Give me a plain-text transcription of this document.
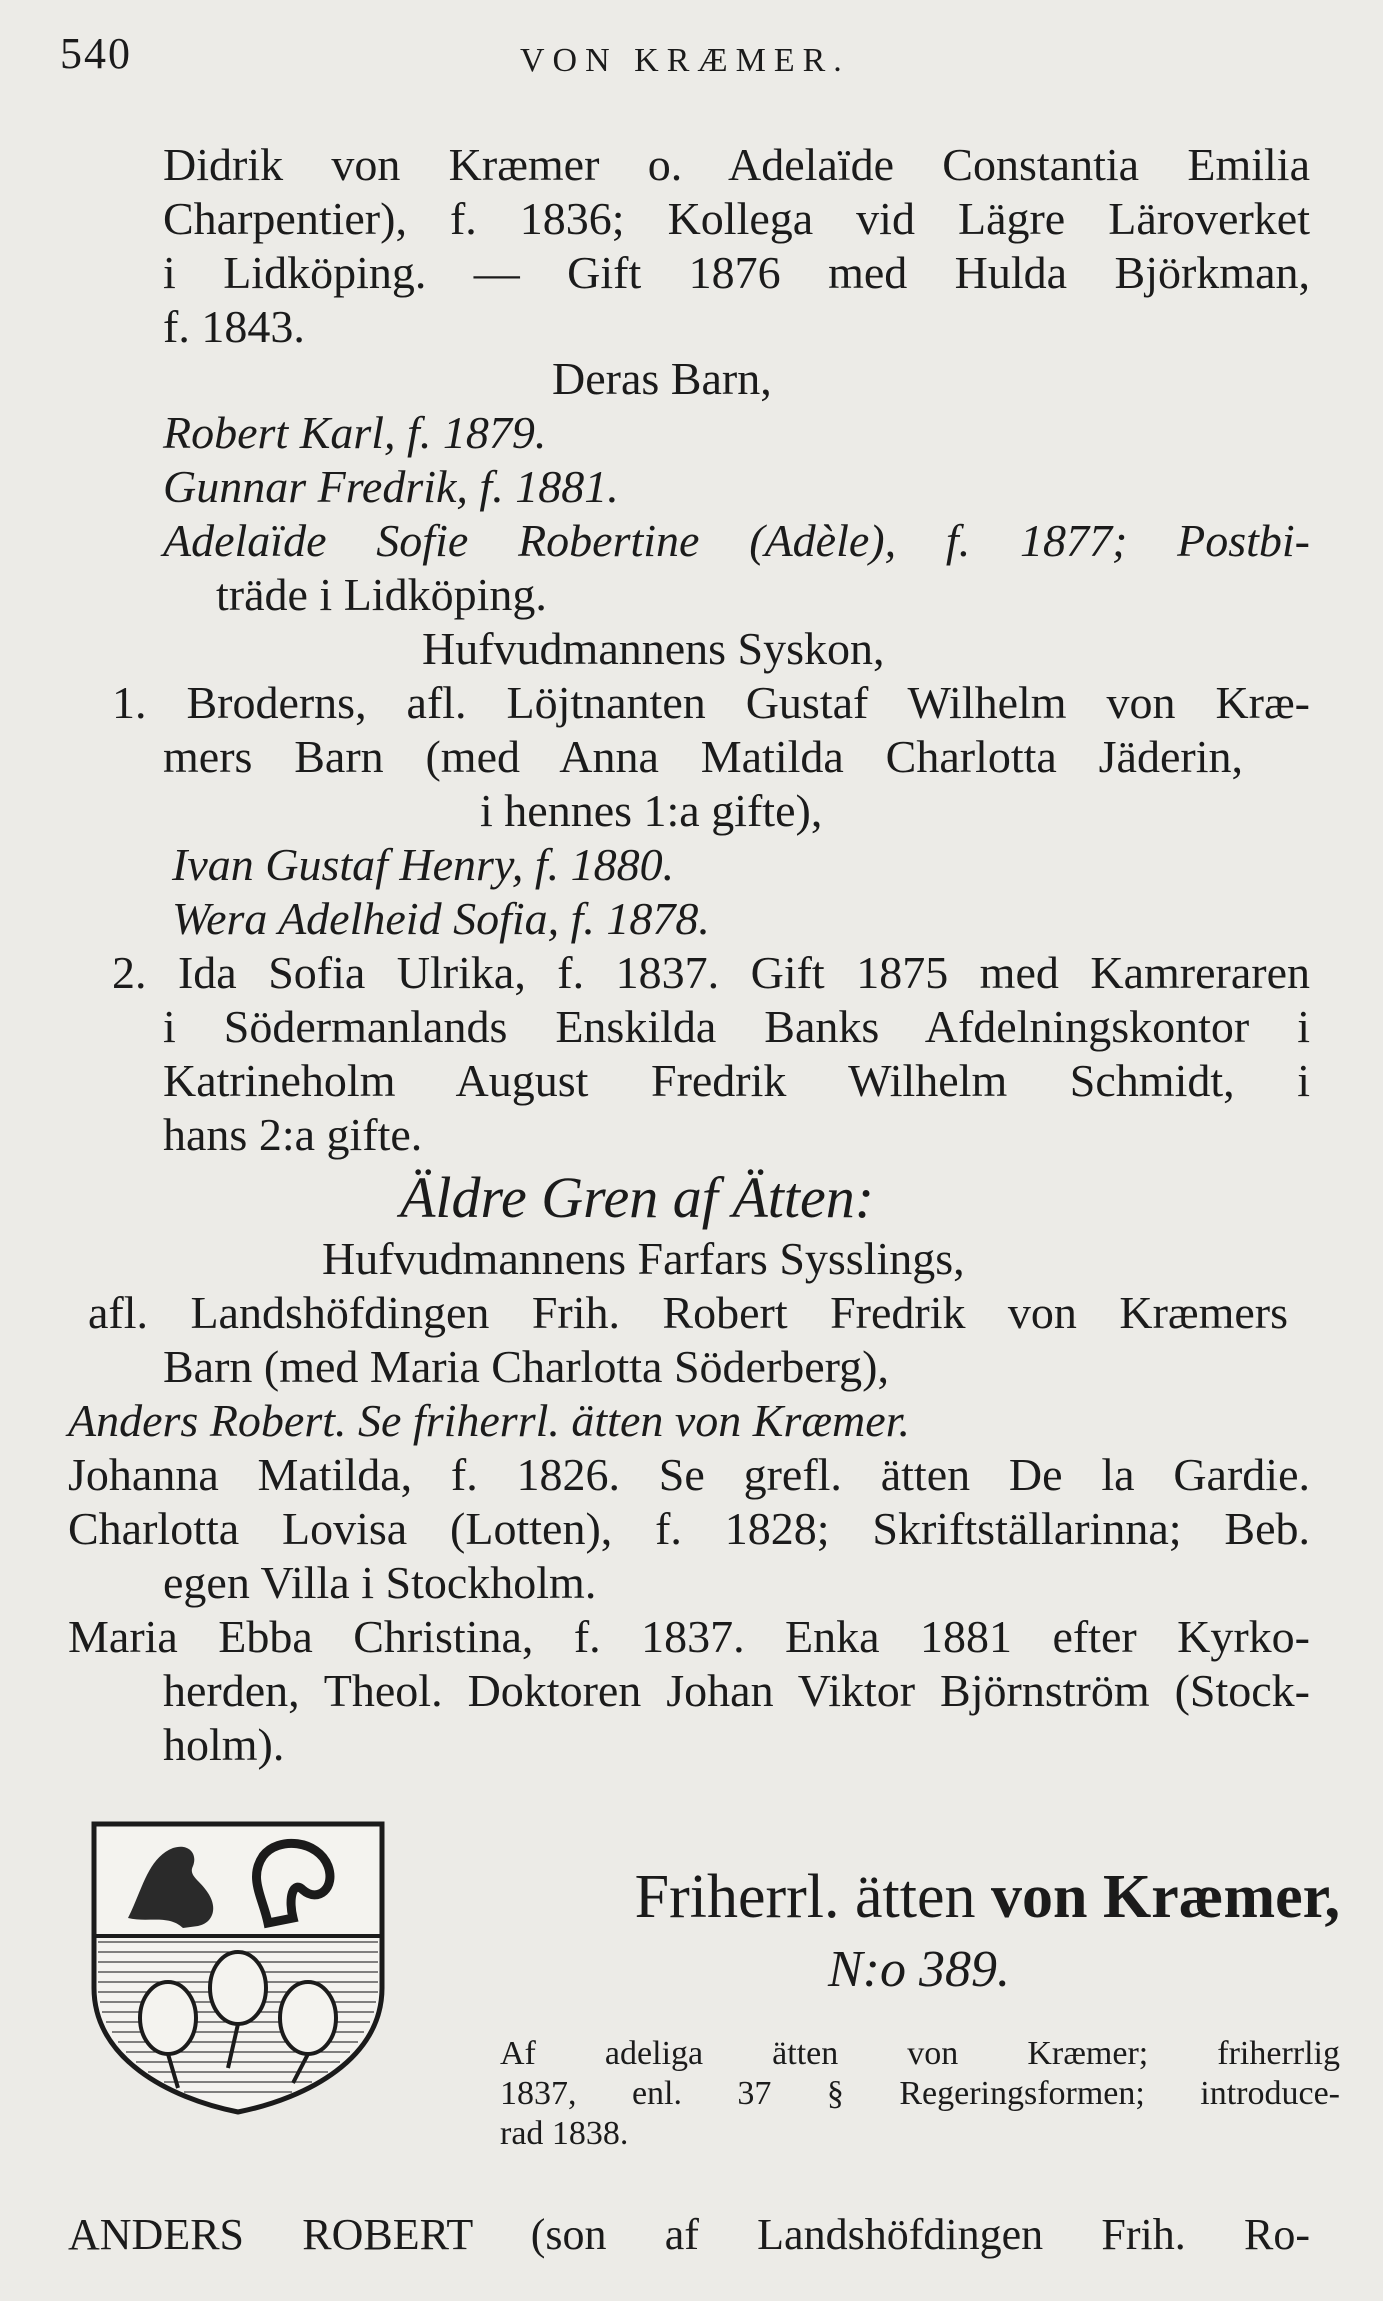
540	VON KRÆMER.
Didrik von Kræmer o. Adelaïde Constantia Emilia
Charpentier), f. 1836; Kollega vid Lägre Läroverket
i Lidköping. — Gift 1876 med Hulda Björkman,
f. 1843.
Deras Barn,
Robert Karl, f. 1879.
Gunnar Fredrik, f. 1881.
Adelaïde Sofie Robertine (Adèle), f. 1877; Postbi-
träde i Lidköping.
Hufvudmannens Syskon,
1. Broderns, afl. Löjtnanten Gustaf Wilhelm von Kræ-
mers Barn (med Anna Matilda Charlotta Jäderin,
i hennes 1:a gifte),
Ivan Gustaf Henry, f. 1880.
Wera Adelheid Sofia, f. 1878.
2. Ida Sofia Ulrika, f. 1837. Gift 1875 med Kamreraren
i Södermanlands Enskilda Banks Afdelningskontor i
Katrineholm August Fredrik Wilhelm Schmidt, i
hans 2:a gifte.
Äldre Gren af Ätten:
Hufvudmannens Farfars Sysslings,
afl. Landshöfdingen Frih. Robert Fredrik von Kræmers
Barn (med Maria Charlotta Söderberg),
Anders Robert. Se friherrl. ätten von Kræmer.
Johanna Matilda, f. 1826. Se grefl. ätten De la Gardie.
Charlotta Lovisa (Lotten), f. 1828; Skriftställarinna; Beb.
egen Villa i Stockholm.
Maria Ebba Christina, f. 1837. Enka 1881 efter Kyrko-
herden, Theol. Doktoren Johan Viktor Björnström (Stock-
holm).
Friherrl. ätten von Kræmer,
N:o 389.
Af adeliga ätten von Kræmer; friherrlig
1837, enl. 37 § Regeringsformen; introduce-
rad 1838.
ANDERS ROBERT (son af Landshöfdingen Frih. Ro-
